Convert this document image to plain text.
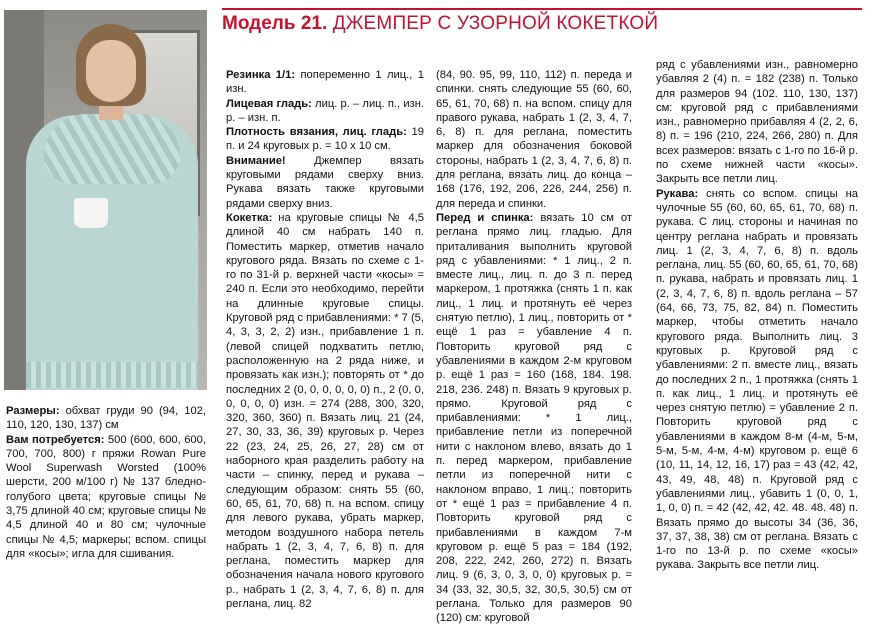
Модель 21. ДЖЕМПЕР С УЗОРНОЙ КОКЕТКОЙ

Размеры: обхват груди 90 (94, 102, 110, 120, 130, 137) см

Вам потребуется: 500 (600, 600, 600, 700, 700, 800) г пряжи Rowan Pure Wool Superwash Worsted (100% шерсти, 200 м/100 г) № 137 бледно-голубого цвета; круговые спицы № 3,75 длиной 40 см; круговые спицы № 4,5 длиной 40 и 80 см; чулочные спицы № 4,5; маркеры; вспом. спицы для «косы»; игла для сшивания.

Резинка 1/1: попеременно 1 лиц., 1 изн.

Лицевая гладь: лиц. р. – лиц. п., изн. р. – изн. п.

Плотность вязания, лиц. гладь: 19 п. и 24 круговых р. = 10 х 10 см.

Внимание! Джемпер вязать круговыми рядами сверху вниз. Рукава вязать также круговыми рядами сверху вниз.

Кокетка: на круговые спицы № 4,5 длиной 40 см набрать 140 п. Поместить маркер, отметив начало кругового ряда. Вязать по схеме с 1-го по 31-й р. верхней части «косы» = 240 п. Если это необходимо, перейти на длинные круговые спицы. Круговой ряд с прибавлениями: * 7 (5, 4, 3, 3, 2, 2) изн., прибавление 1 п. (левой спицей подхватить петлю, расположенную на 2 ряда ниже, и провязать как изн.); повторять от * до последних 2 (0, 0, 0, 0, 0, 0) п., 2 (0, 0, 0, 0, 0, 0) изн. = 274 (288, 300, 320, 320, 360, 360) п. Вязать лиц. 21 (24, 27, 30, 33, 36, 39) круговых р. Через 22 (23, 24, 25, 26, 27, 28) см от наборного края разделить работу на части – спинку, перед и рукава – следующим образом: снять 55 (60, 60, 65, 61, 70, 68) п. на вспом. спицу для левого рукава, убрать маркер, методом воздушного набора петель набрать 1 (2, 3, 4, 7, 6, 8) п. для реглана, поместить маркер для обозначения начала нового кругового р., набрать 1 (2, 3, 4, 7, 6, 8) п. для реглана, лиц. 82

(84, 90. 95, 99, 110, 112) п. переда и спинки. снять следующие 55 (60, 60, 65, 61, 70, 68) п. на вспом. спицу для правого рукава, набрать 1 (2, 3, 4, 7, 6, 8) п. для реглана, поместить маркер для обозначения боковой стороны, набрать 1 (2, 3, 4, 7, 6, 8) п. для реглана, вязать лиц. до конца – 168 (176, 192, 206, 226, 244, 256) п. для переда и спинки.

Перед и спинка: вязать 10 см от реглана прямо лиц. гладью. Для приталивания выполнить круговой ряд с убавлениями: * 1 лиц., 2 п. вместе лиц., лиц. п. до 3 п. перед маркером, 1 протяжка (снять 1 п. как лиц., 1 лиц. и протянуть её через снятую петлю), 1 лиц., повторить от * ещё 1 раз = убавление 4 п. Повторить круговой ряд с убавлениями в каждом 2-м круговом р. ещё 1 раз = 160 (168, 184. 198. 218, 236. 248) п. Вязать 9 круговых р. прямо. Круговой ряд с прибавлениями: * 1 лиц., прибавление петли из поперечной нити с наклоном влево, вязать до 1 п. перед маркером, прибавление петли из поперечной нити с наклоном вправо, 1 лиц.; повторить от * ещё 1 раз = прибавление 4 п. Повторить круговой ряд с прибавлениями в каждом 7-м круговом р. ещё 5 раз = 184 (192, 208, 222, 242, 260, 272) п. Вязать лиц. 9 (6, 3, 0, 3, 0, 0) круговых р. = 34 (33, 32, 30,5, 32, 30,5, 30,5) см от реглана. Только для размеров 90 (120) см: круговой

ряд с убавлениями изн., равномерно убавляя 2 (4) п. = 182 (238) п. Только для размеров 94 (102. 110, 130, 137) см: круговой ряд с прибавлениями изн., равномерно прибавляя 4 (2, 2, 6, 8) п. = 196 (210, 224, 266, 280) п. Для всех размеров: вязать с 1-го по 16-й р. по схеме нижней части «косы». Закрыть все петли лиц.

Рукава: снять со вспом. спицы на чулочные 55 (60, 60, 65, 61, 70, 68) п. рукава. С лиц. стороны и начиная по центру реглана набрать и провязать лиц. 1 (2, 3, 4, 7, 6, 8) п. вдоль реглана, лиц. 55 (60, 60, 65, 61, 70, 68) п. рукава, набрать и провязать лиц. 1 (2, 3, 4, 7, 6, 8) п. вдоль реглана – 57 (64, 66, 73, 75, 82, 84) п. Поместить маркер, чтобы отметить начало кругового ряда. Выполнить лиц. 3 круговых р. Круговой ряд с убавлениями: 2 п. вместе лиц., вязать до последних 2 п., 1 протяжка (снять 1 п. как лиц., 1 лиц. и протянуть её через снятую петлю) = убавление 2 п. Повторить круговой ряд с убавлениями в каждом 8-м (4-м, 5-м, 5-м, 5-м, 4-м, 4-м) круговом р. ещё 6 (10, 11, 14, 12, 16, 17) раз = 43 (42, 42, 43, 49, 48, 48) п. Круговой ряд с убавлениями лиц., убавить 1 (0, 0, 1, 1, 0, 0) п. = 42 (42, 42, 42. 48. 48. 48) п. Вязать прямо до высоты 34 (36, 36, 37, 37, 38, 38) см от реглана. Вязать с 1-го по 13-й р. по схеме «косы» рукава. Закрыть все петли лиц.
